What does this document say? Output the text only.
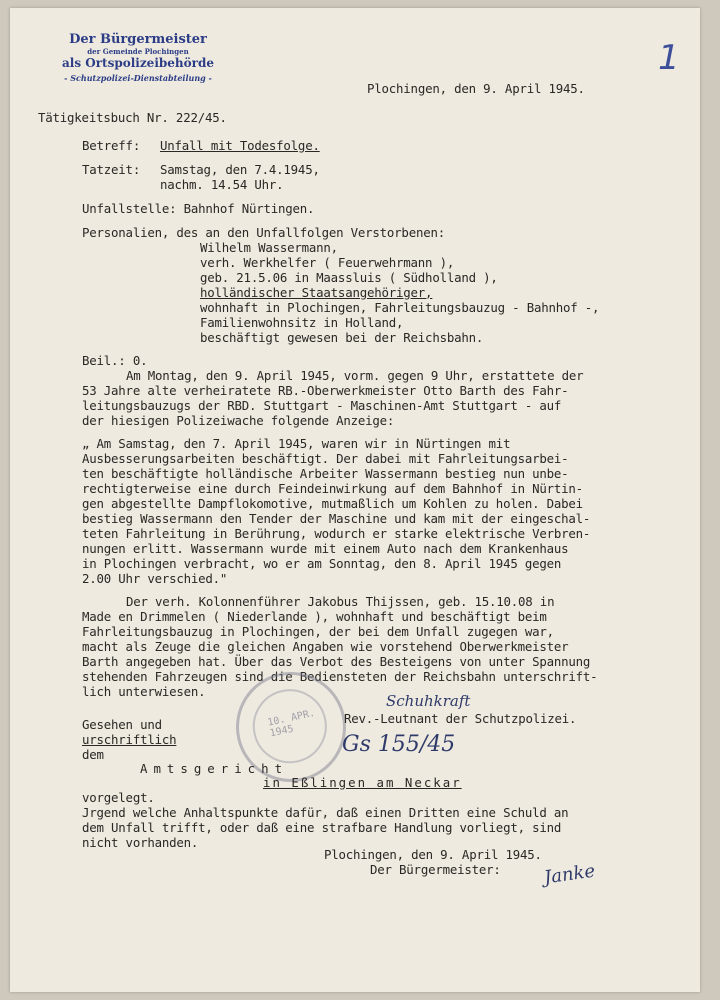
Der Bürgermeister
der Gemeinde Plochingen
als Ortspolizeibehörde
- Schutzpolizei-Dienstabteilung -	1
Plochingen, den 9. April 1945.
Tätigkeitsbuch Nr. 222/45.
Betreff: Unfall mit Todesfolge.
Tatzeit: Samstag, den 7.4.1945,
nachm. 14.54 Uhr.
Unfallstelle: Bahnhof Nürtingen.
Personalien, des an den Unfallfolgen Verstorbenen:
Wilhelm Wassermann,
verh. Werkhelfer ( Feuerwehrmann ),
geb. 21.5.06 in Maassluis ( Südholland ),
holländischer Staatsangehöriger,
wohnhaft in Plochingen, Fahrleitungsbauzug - Bahnhof -,
Familienwohnsitz in Holland,
beschäftigt gewesen bei der Reichsbahn.
Beil.: 0.
Am Montag, den 9. April 1945, vorm. gegen 9 Uhr, erstattete der
53 Jahre alte verheiratete RB.-Oberwerkmeister Otto Barth des Fahr-
leitungsbauzugs der RBD. Stuttgart - Maschinen-Amt Stuttgart - auf
der hiesigen Polizeiwache folgende Anzeige:
„ Am Samstag, den 7. April 1945, waren wir in Nürtingen mit
Ausbesserungsarbeiten beschäftigt. Der dabei mit Fahrleitungsarbei-
ten beschäftigte holländische Arbeiter Wassermann bestieg nun unbe-
rechtigterweise eine durch Feindeinwirkung auf dem Bahnhof in Nürtin-
gen abgestellte Dampflokomotive, mutmaßlich um Kohlen zu holen. Dabei
bestieg Wassermann den Tender der Maschine und kam mit der eingeschal-
teten Fahrleitung in Berührung, wodurch er starke elektrische Verbren-
nungen erlitt. Wassermann wurde mit einem Auto nach dem Krankenhaus
in Plochingen verbracht, wo er am Sonntag, den 8. April 1945 gegen
2.00 Uhr verschied."
Der verh. Kolonnenführer Jakobus Thijssen, geb. 15.10.08 in
Made en Drimmelen ( Niederlande ), wohnhaft und beschäftigt beim
Fahrleitungsbauzug in Plochingen, der bei dem Unfall zugegen war,
macht als Zeuge die gleichen Angaben wie vorstehend Oberwerkmeister
Barth angegeben hat. Über das Verbot des Besteigens von unter Spannung
stehenden Fahrzeugen sind die Bediensteten der Reichsbahn unterschrift-
lich unterwiesen.
10. APR. 1945
Schuhkraft
Rev.-Leutnant der Schutzpolizei.
Gesehen und
urschriftlich
dem	Gs 155/45
Amtsgericht
in Eßlingen am Neckar
vorgelegt.
Jrgend welche Anhaltspunkte dafür, daß einen Dritten eine Schuld an
dem Unfall trifft, oder daß eine strafbare Handlung vorliegt, sind
nicht vorhanden.
Plochingen, den 9. April 1945.
Der Bürgermeister: Janke
